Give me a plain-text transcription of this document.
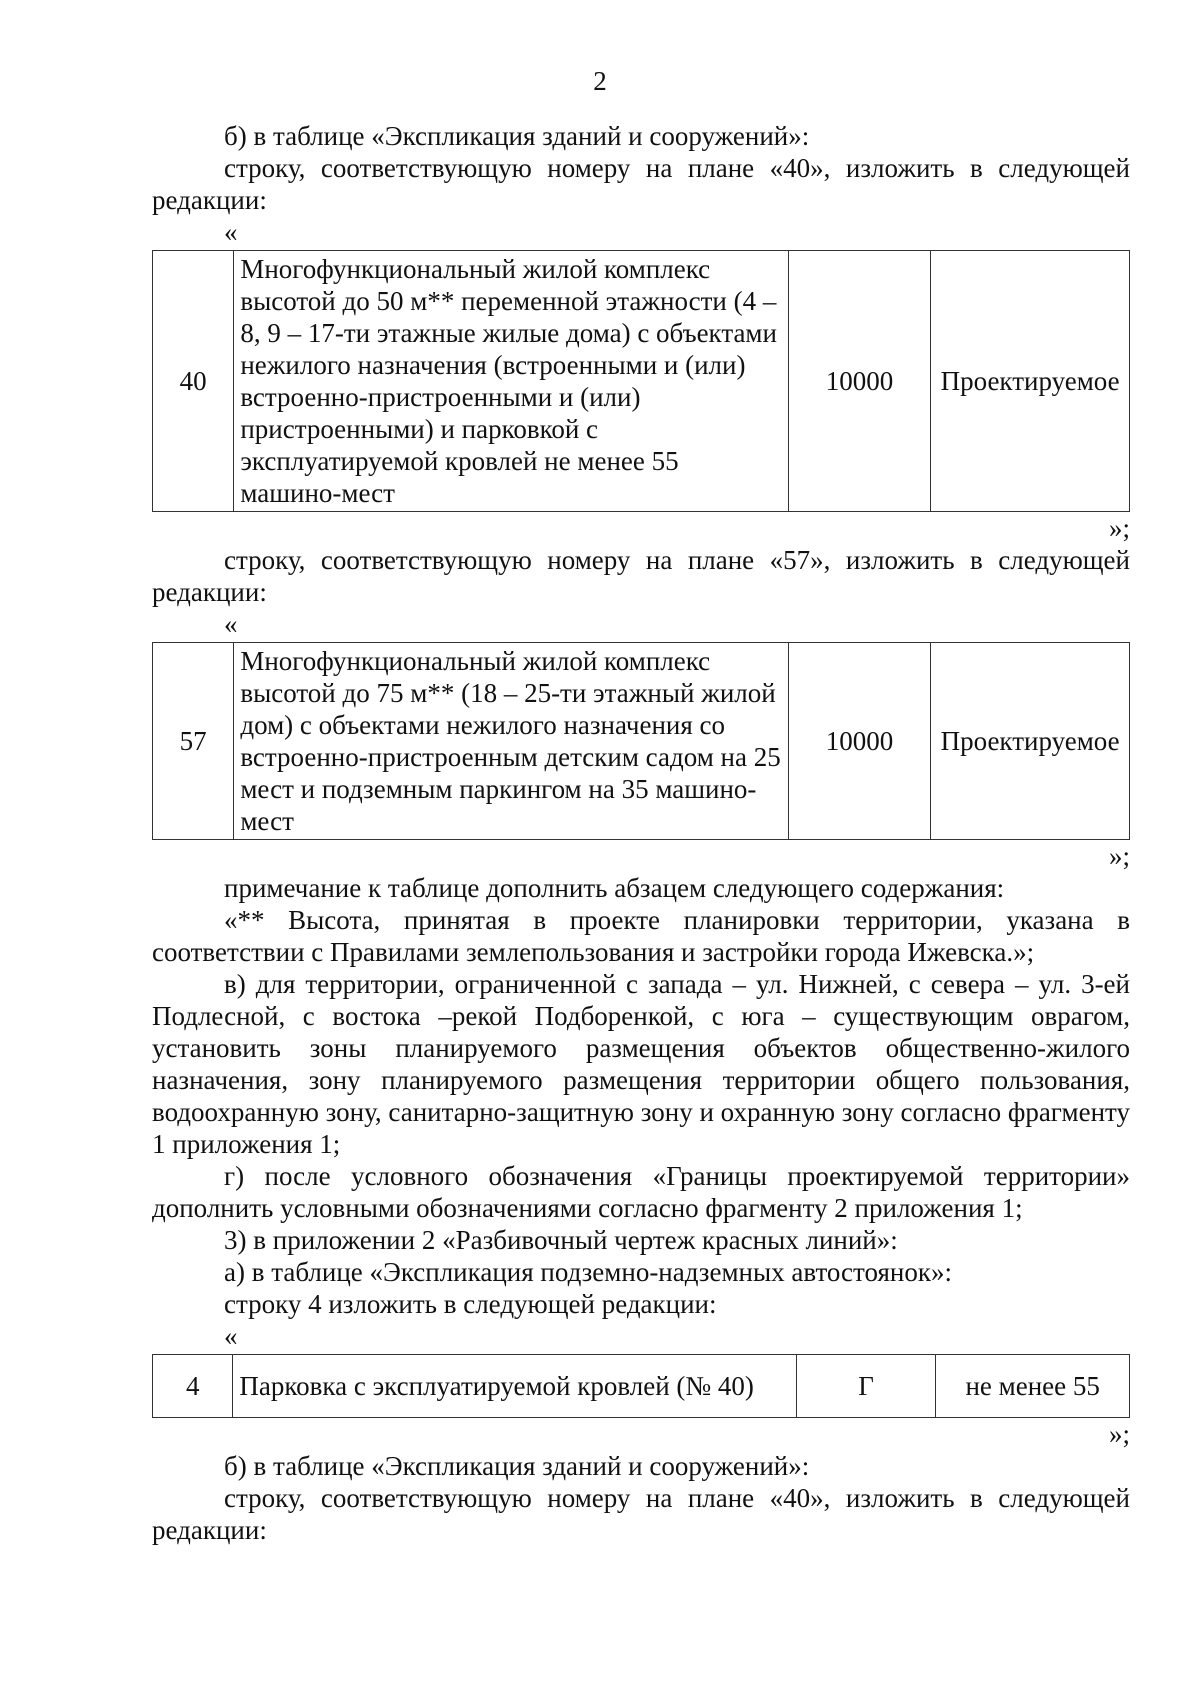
2

б) в таблице «Экспликация зданий и сооружений»:

строку, соответствующую номеру на плане «40», изложить в следующей редакции:

«

40	Многофункциональный жилой комплекс высотой до 50 м** переменной этажности (4 – 8, 9 – 17-ти этажные жилые дома) с объектами нежилого назначения (встроенными и (или) встроенно-пристроенными и (или) пристроенными) и парковкой с эксплуатируемой кровлей не менее 55 машино-мест	10000	Проектируемое

»;

строку, соответствующую номеру на плане «57», изложить в следующей редакции:

«

57	Многофункциональный жилой комплекс высотой до 75 м** (18 – 25-ти этажный жилой дом) с объектами нежилого назначения со встроенно-пристроенным детским садом на 25 мест и подземным паркингом на 35 машино-мест	10000	Проектируемое

»;

примечание к таблице дополнить абзацем следующего содержания:

«** Высота, принятая в проекте планировки территории, указана в соответствии с Правилами землепользования и застройки города Ижевска.»;

в) для территории, ограниченной с запада – ул. Нижней, с севера – ул. 3-ей Подлесной, с востока –рекой Подборенкой, с юга – существующим оврагом, установить зоны планируемого размещения объектов общественно-жилого назначения, зону планируемого размещения территории общего пользования, водоохранную зону, санитарно-защитную зону и охранную зону согласно фрагменту 1 приложения 1;

г) после условного обозначения «Границы проектируемой территории» дополнить условными обозначениями согласно фрагменту 2 приложения 1;

3) в приложении 2 «Разбивочный чертеж красных линий»:

а) в таблице «Экспликация подземно-надземных автостоянок»:

строку 4 изложить в следующей редакции:

«

4	Парковка с эксплуатируемой кровлей (№ 40)	Г	не менее 55

»;

б) в таблице «Экспликация зданий и сооружений»:

строку, соответствующую номеру на плане «40», изложить в следующей редакции:
